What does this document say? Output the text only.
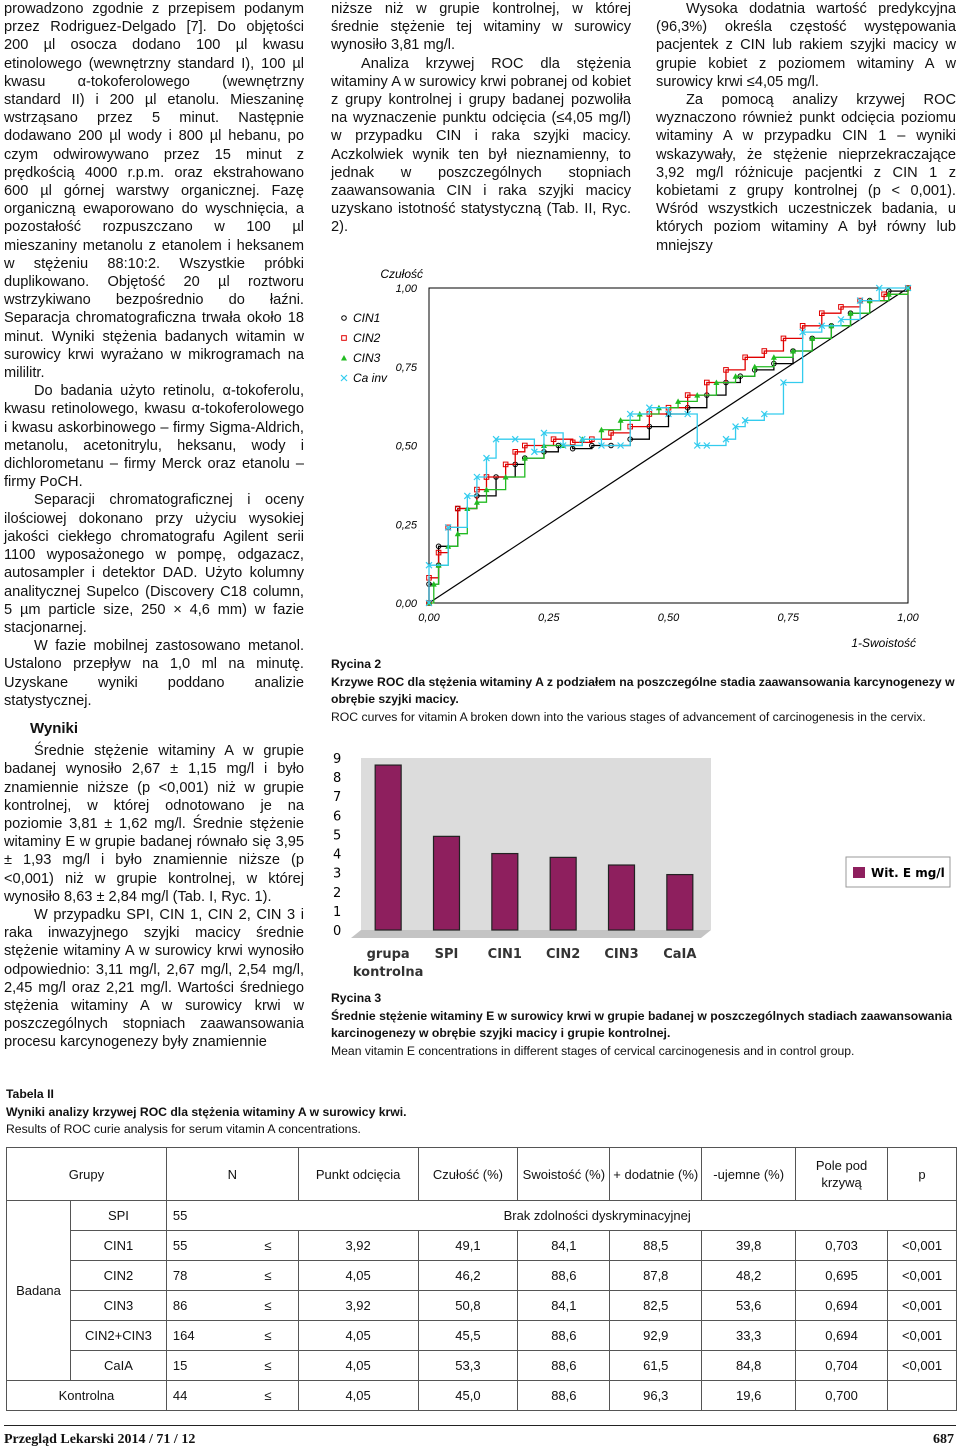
prowadzono zgodnie z przepisem podanym przez Rodriguez-Delgado [7]. Do objętości 200 µl osocza dodano 100 µl kwasu etinolowego (wewnętrzny standard I), 100 µl kwasu α-tokoferolowego (wewnętrzny standard II) i 200 µl etanolu. Mieszaninę wstrząsano przez 5 minut. Następnie dodawano 200 µl wody i 800 µl hebanu, po czym odwirowywano przez 15 minut z prędkością 4000 r.p.m. oraz ekstrahowano 600 µl górnej warstwy organicznej. Fazę organiczną ewaporowano do wyschnięcia, a pozostałość rozpuszczano w 100 µl mieszaniny metanolu z etanolem i heksanem w stężeniu 88:10:2. Wszystkie próbki duplikowano. Objętość 20 µl roztworu wstrzykiwano bezpośrednio do łaźni. Separacja chromatograficzna trwała około 18 minut. Wyniki stężenia badanych witamin w surowicy krwi wyrażano w mikrogramach na mililitr.

Do badania użyto retinolu, α-tokoferolu, kwasu retinolowego, kwasu α-tokoferolowego i kwasu askorbinowego – firmy Sigma-Aldrich, metanolu, acetonitrylu, heksanu, wody i dichlorometanu – firmy Merck oraz etanolu – firmy PoCH.

Separacji chromatograficznej i oceny ilościowej dokonano przy użyciu wysokiej jakości ciekłego chromatografu Agilent serii 1100 wyposażonego w pompę, odgazacz, autosampler i detektor DAD. Użyto kolumny analitycznej Supelco (Discovery C18 column, 5 µm particle size, 250 × 4,6 mm) w fazie stacjonarnej.

W fazie mobilnej zastosowano metanol. Ustalono przepływ na 1,0 ml na minutę. Uzyskane wyniki poddano analizie statystycznej.

Wyniki

Średnie stężenie witaminy A w grupie badanej wynosiło 2,67 ± 1,15 mg/l i było znamiennie niższe (p <0,001) niż w grupie kontrolnej, w której odnotowano je na poziomie 3,81 ± 1,62 mg/l. Średnie stężenie witaminy E w grupie badanej równało się 3,95 ± 1,93 mg/l i było znamiennie niższe (p <0,001) niż w grupie kontrolnej, w której wynosiło 8,63 ± 2,84 mg/l (Tab. I, Ryc. 1).

W przypadku SPI, CIN 1, CIN 2, CIN 3 i raka inwazyjnego szyjki macicy średnie stężenie witaminy A w surowicy krwi wynosiło odpowiednio: 3,11 mg/l, 2,67 mg/l, 2,54 mg/l, 2,45 mg/l oraz 2,21 mg/l. Wartości średniego stężenia witaminy A w surowicy krwi w poszczególnych stopniach zaawansowania procesu karcynogenezy były znamiennie

niższe niż w grupie kontrolnej, w której średnie stężenie tej witaminy w surowicy wynosiło 3,81 mg/l.

Analiza krzywej ROC dla stężenia witaminy A w surowicy krwi pobranej od kobiet z grupy kontrolnej i grupy badanej pozwoliła na wyznaczenie punktu odcięcia (≤4,05 mg/l) w przypadku CIN i raka szyjki macicy. Aczkolwiek wynik ten był nieznamienny, to jednak w poszczególnych stopniach zaawansowania CIN i raka szyjki macicy uzyskano istotność statystyczną (Tab. II, Ryc. 2).

Wysoka dodatnia wartość predykcyjna (96,3%) określa częstość występowania pacjentek z CIN lub rakiem szyjki macicy w grupie kobiet z poziomem witaminy A w surowicy krwi ≤4,05 mg/l.

Za pomocą analizy krzywej ROC wyznaczono również punkt odcięcia poziomu witaminy A w przypadku CIN 1 – wyniki wskazywały, że stężenie nieprzekraczające 3,92 mg/l różnicuje pacjentki z CIN 1 z kobietami z grupy kontrolnej (p < 0,001). Wśród wszystkich uczestniczek badania, u których poziom witaminy A był równy lub mniejszy

0,00	0,25	0,50	0,75	1,00
0,00
0,25
0,50
0,75
1,00
Czułość
1-Swoistość
CIN1
CIN2
CIN3
Ca inv
Rycina 2
Krzywe ROC dla stężenia witaminy A z podziałem na poszczególne stadia zaawansowania karcynogenezy w obrębie szyjki macicy.
ROC curves for vitamin A broken down into the various stages of advancement of carcinogenesis in the cervix.
0
1
2
3
4
5
6
7
8
9
grupa
kontrolna
SPI CIN1 CIN2 CIN3 CaIA
Wit. E mg/l
Rycina 3
Średnie stężenie witaminy E w surowicy krwi w grupie badanej w poszczególnych stadiach zaawansowania karcinogenezy w obrębie szyjki macicy i grupie kontrolnej.
Mean vitamin E concentrations in different stages of cervical carcinogenesis and in control group.
Tabela II
Wyniki analizy krzywej ROC dla stężenia witaminy A w surowicy krwi.
Results of ROC curie analysis for serum vitamin A concentrations.
Grupy		N		Punkt odcięcia	Czułość (%)	Swoistość (%)	+ dodatnie (%)	-ujemne (%)	Pole pod krzywą	p
Badana	SPI	55	Brak zdolności dyskryminacyjnej							
	CIN1	55	≤	3,92	49,1	84,1	88,5	39,8	0,703	<0,001
	CIN2	78	≤	4,05	46,2	88,6	87,8	48,2	0,695	<0,001
	CIN3	86	≤	3,92	50,8	84,1	82,5	53,6	0,694	<0,001
	CIN2+CIN3	164	≤	4,05	45,5	88,6	92,9	33,3	0,694	<0,001
	CaIA	15	≤	4,05	53,3	88,6	61,5	84,8	0,704	<0,001
Kontrolna		44	≤	4,05	45,0	88,6	96,3	19,6	0,700	
Przegląd Lekarski 2014 / 71 / 12	687
